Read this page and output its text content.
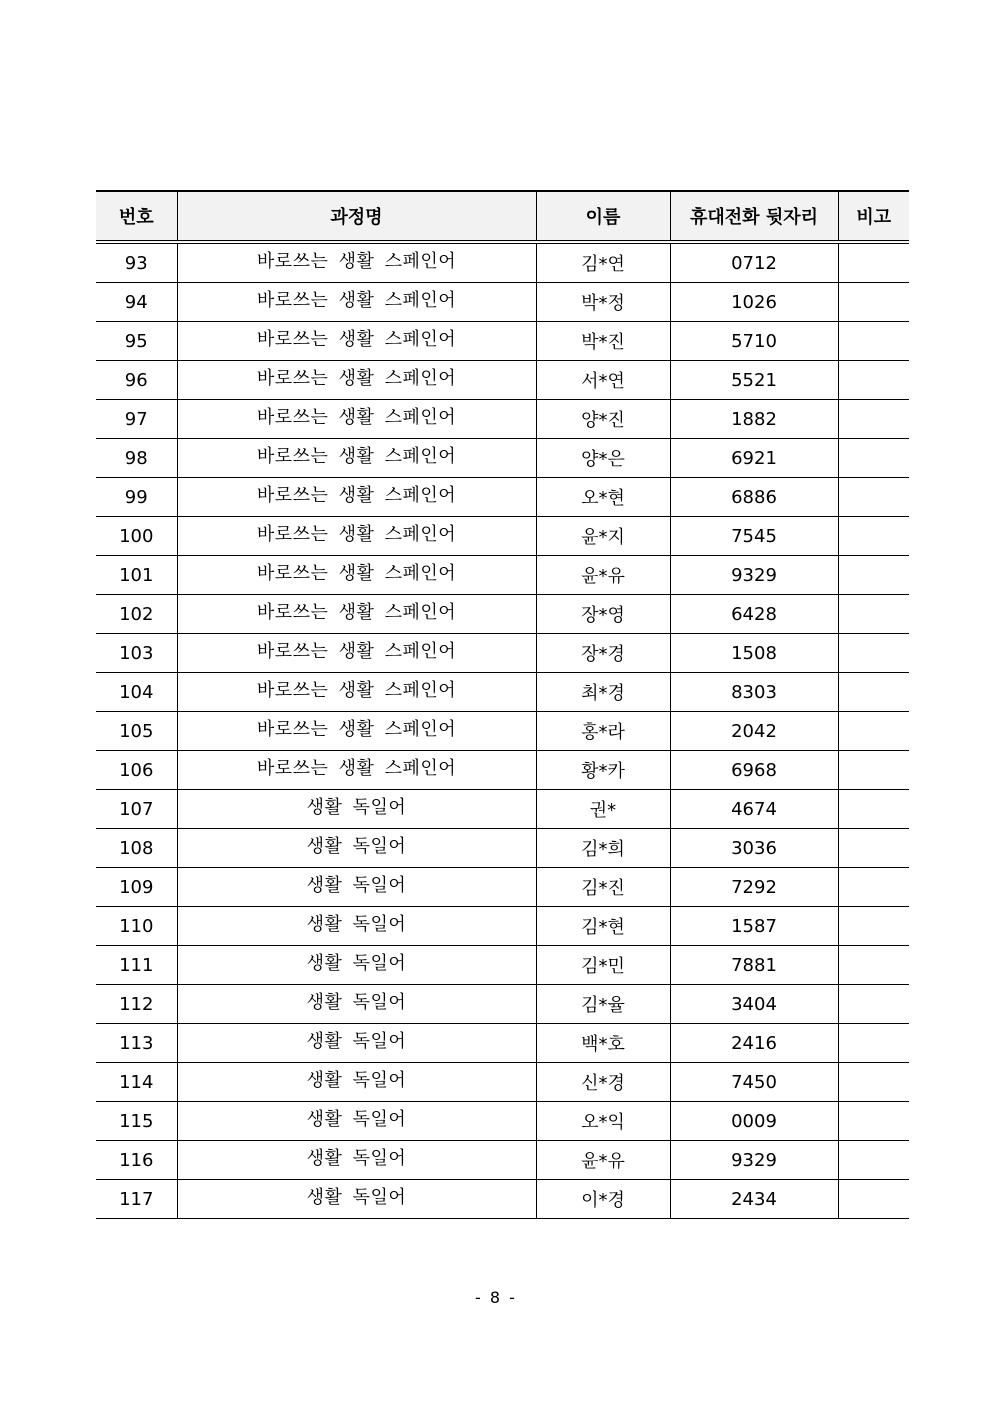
번호	과정명	이름	휴대전화 뒷자리	비고
93	바로쓰는 생활 스페인어	김*연	0712	
94	바로쓰는 생활 스페인어	박*정	1026	
95	바로쓰는 생활 스페인어	박*진	5710	
96	바로쓰는 생활 스페인어	서*연	5521	
97	바로쓰는 생활 스페인어	양*진	1882	
98	바로쓰는 생활 스페인어	양*은	6921	
99	바로쓰는 생활 스페인어	오*현	6886	
100	바로쓰는 생활 스페인어	윤*지	7545	
101	바로쓰는 생활 스페인어	윤*유	9329	
102	바로쓰는 생활 스페인어	장*영	6428	
103	바로쓰는 생활 스페인어	장*경	1508	
104	바로쓰는 생활 스페인어	최*경	8303	
105	바로쓰는 생활 스페인어	홍*라	2042	
106	바로쓰는 생활 스페인어	황*카	6968	
107	생활 독일어	권*	4674	
108	생활 독일어	김*희	3036	
109	생활 독일어	김*진	7292	
110	생활 독일어	김*현	1587	
111	생활 독일어	김*민	7881	
112	생활 독일어	김*율	3404	
113	생활 독일어	백*호	2416	
114	생활 독일어	신*경	7450	
115	생활 독일어	오*익	0009	
116	생활 독일어	윤*유	9329	
117	생활 독일어	이*경	2434	
- 8 -
